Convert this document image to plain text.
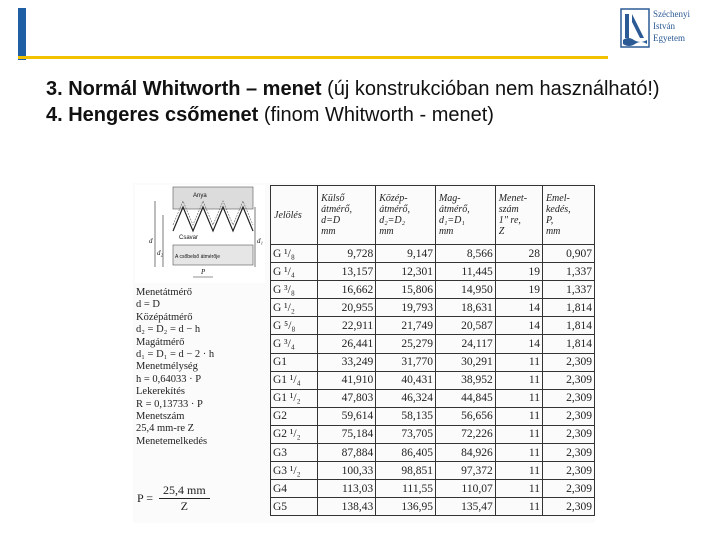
Széchenyi
István
Egyetem
3. Normál Whitworth – menet (új konstrukcióban nem használható!)
4. Hengeres csőmenet (finom Whitworth - menet)
Anya
Csavar
A csőbelső átmérője
d
d₂
d₁
P
Menetátmérő
d = D
Középátmérő
d₂ = D₂ = d − h
Magátmérő
d₁ = D₁ = d − 2 · h
Menetmélység
h = 0,64033 · P
Lekerekítés
R = 0,13733 · P
Menetszám
25,4 mm-re Z
Menetemelkedés
$P = \frac{25,4 mm}{Z}$
Jelölés	Külső
átmérő,
d=D
mm	Közép-
átmérő,
d₂=D₂
mm	Mag-
átmérő,
d₁=D₁
mm	Menet-
szám
1" re,
Z	Emel-
kedés,
P,
mm
G ¹/₈	9,728	9,147	8,566	28	0,907
G ¹/₄	13,157	12,301	11,445	19	1,337
G ³/₈	16,662	15,806	14,950	19	1,337
G ¹/₂	20,955	19,793	18,631	14	1,814
G ⁵/₈	22,911	21,749	20,587	14	1,814
G ³/₄	26,441	25,279	24,117	14	1,814
G1	33,249	31,770	30,291	11	2,309
G1 ¹/₄	41,910	40,431	38,952	11	2,309
G1 ¹/₂	47,803	46,324	44,845	11	2,309
G2	59,614	58,135	56,656	11	2,309
G2 ¹/₂	75,184	73,705	72,226	11	2,309
G3	87,884	86,405	84,926	11	2,309
G3 ¹/₂	100,33	98,851	97,372	11	2,309
G4	113,03	111,55	110,07	11	2,309
G5	138,43	136,95	135,47	11	2,309
